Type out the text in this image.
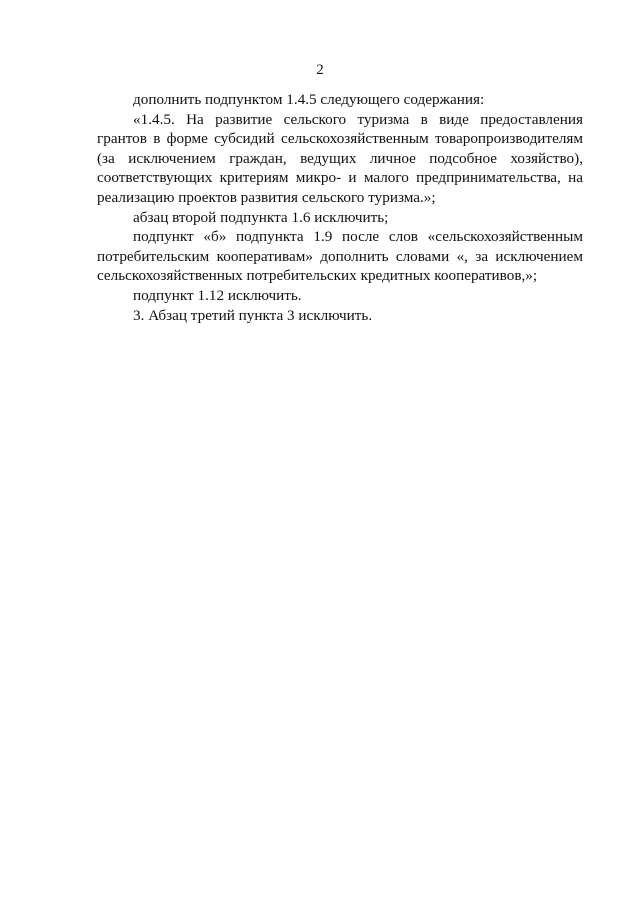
2

дополнить подпунктом 1.4.5 следующего содержания:

«1.4.5. На развитие сельского туризма в виде предоставления грантов в форме субсидий сельскохозяйственным товаропроизводителям (за исключением граждан, ведущих личное подсобное хозяйство), соответствующих критериям микро- и малого предпринимательства, на реализацию проектов развития сельского туризма.»;

абзац второй подпункта 1.6 исключить;

подпункт «б» подпункта 1.9 после слов «сельскохозяйственным потребительским кооперативам» дополнить словами «, за исключением сельскохозяйственных потребительских кредитных кооперативов,»;

подпункт 1.12 исключить.

3. Абзац третий пункта 3 исключить.
